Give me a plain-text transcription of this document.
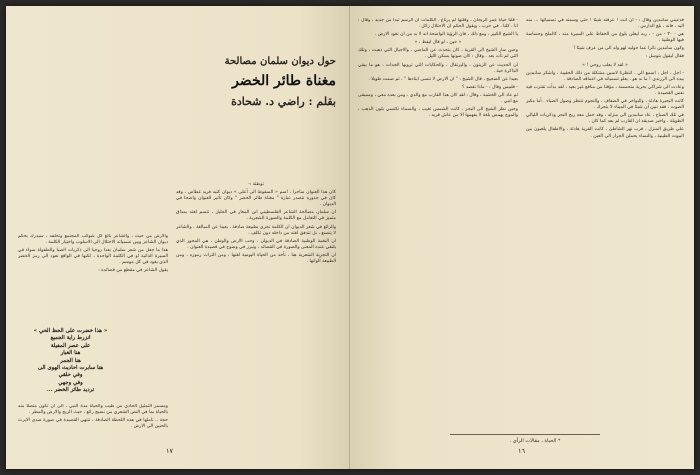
حول ديوان سلمان مصالحة
مغناة طائر الخضر
بقلم : راضي د. شحادة

توطئة :-

كان هذا العنوان ساحرا ، اسم « السقوط الى أعلى » ديوان كتبه فريد غطاس ، وقد كان في جذوره تتصدر عبارة " مغناة طائر الخضر " وكان تأثير العنوان واضحا في الديوان .

ان سلمان مصالحة الشاعر الفلسطيني ابن المغار في الجليل ، تتسم لغته بمذاق متميز في التعامل مع الكلمة والصورة الشعرية .

والرائع في شعر الديوان ان الكلمة تجري بطبيعة صادقة ، بعيدا عن المبالغة ، والشاعر لا يتصنع ، بل تتدفق لغته من داخله دون تكلف .

ان النغمة الوطنية الصادقة في الديوان ، وحب الارض والوطن ، هي المحور الذي يلتقي عنده المعنى والصورة في القصائد ، وتبرز في وضوح في قصيدة العنوان .

ان التجربة الشعرية هنا ، تأخذ من الحياة اليومية لغتها ، ومن التراث رموزه ، ومن الطبيعة ألوانها .

والارض من حيث ، والشاعر بالغ كل شوائب المجتمع وتخلفه ، سيدرك بحكم ديوان الشاعر وبين تسمياته الاحتلال الى الاسلوب واختيار الكلمة .

هذا ما جعل من شعر سلمان بعدا روحيا الى ذكريات الصبا والطفولة سواء في السيرة الذاتية او في الكلمة الواحدة ، لكنها في الواقع تعود الى رمز الخضر الذي يعود في كل موسم .

يقول الشاعر في مقطع من قصائده :

« هذا خضرت على الحظ الحي »
انزرط راية الجميع
على عصر المفيلة
هنا الغبار
هنا الجمر
هنا سابرت احاديث الهوى الى
وفي حلقي
وفي وجهي
ترديد طائر الخضر ...

ومسمر التمثيل الحادي من طيب والحياة مدة النبي ، الى ان تكون متصلا منه بالحياة بما في النص الشعري من نسيج رائع ، حيث الريح والارض والمطر .

حجة .. تاملها في هذه اللحظة الصادقة ، تنتهي القصيدة في صورة صدى الايرث بالحنين الى الارض .

١٧

فدعيني سانبدين وقال : - ان انت ! عرفته شيئا ! حتى وسمته في تسمياتها ... منه اليه ، فانه ، بلغ الدارس .

هي - ٣٠ - من - ، ربه ليعلن بلوغ من الحفاظ على السيرة منه ، كالملح وحساسة فيها الوطنية .

وكون سانبدين نائرا عما حوليه لهو ولد الى من عرف شيئا !

فقال ليقول بتوسل :

« لقد لا يعلب روحي ! »

- اجل ، اجل ، اسمع الي . انتظرنا لاسين مشكلة من ذلك الحقيبة ، واشكر سانبدين بيده الى الرزندي ! ما ند هو ، يعلو تسمياته في اعماقه الصادقة .

وعادت الى شراكي بحرية متحمسة ، مؤقتا من مناقع غير بعيد ، لقد بدأت تقترب فيه نفس القصيدة .

كانت البحيرة هادئة ، والبواخر في الضفاف ، والنجوم تنتظر وصول الضياء . أما مكبر الصوت ، فقد تبين أن شيئا في الميناء لا يتحرك .

في تلك الصباح ، عاد سانبدين الى منزله ، وقد حمل معه ريح البحر وذكريات الليالي الطويلة ، واخبر صديقه ان القارب لم يعد كما كان .

على طريق المنزل ، قرب نهر الشاطئ ، كانت القرية هادئة ، والاطفال يلعبون بين البيوت الطينية ، والنساء يحملن الجرار الى العين .

- قلنا حياة عمر الريحان ، وقلتها لم يرتاع . الكلمات ان الرسم تبدا من جديد ، وقال : انا ، كلنا ، في حرب ، ويقول الحكم ان الاحتلال زائل .

يا الشيخ الكبير ، ومع ذلك ، فان الرؤية الواضحة انه لا بد من ان تعود الارض .

« حين ، لو قال ليفظ ، »

وحين سار الشيخ الى القرية ، كان يتحدث عن الماضي ، والاجيال التي ذهبت ، وتلك التي لم تأت بعد . وقال : كان صوتها يسكن الليل .

ان الحديث عن الزيتون ، والبرتقال ، والحكايات التي ترويها الجدات ، هو ما يبقي الذاكرة حية .

بعيدا عن الضجيج ، قال الشيخ : " ان الارض لا تنسى ابناءها " ، ثم صمت طويلا .

- قلبيس وقال : - ماذا تقصد ؟

ثم عاد الى الخشبة ، وقال : لقد كان هذا القارب مع والدي ، ومن بعده معي ، وسيبقى مع ابني .

وحين نظر الشيخ الى البحر ، كانت الشمس تغيب ، والسماء تكتسي بلون الذهب ، والموج يهمس بلغة لا يفهمها الا من عاش قربه .

* الحياة ، مقالات الرأي .
١٦
